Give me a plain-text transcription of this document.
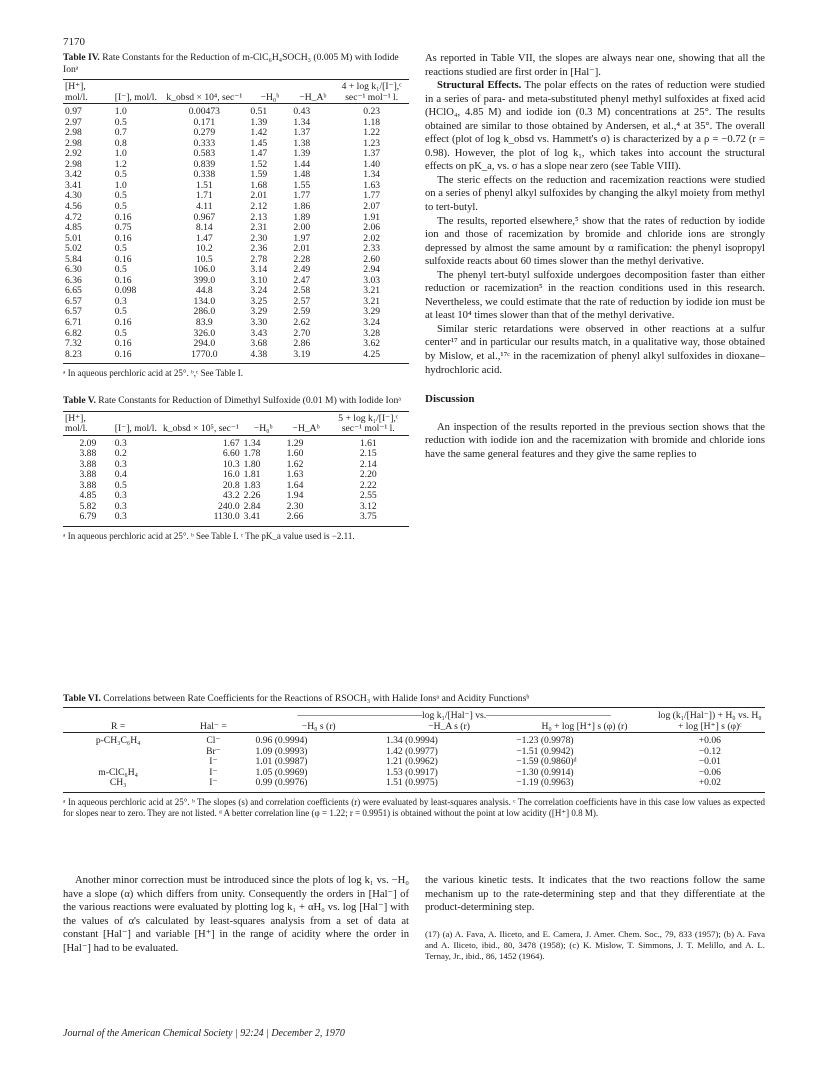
7170
Table IV. Rate Constants for the Reduction of m-ClC₆H₄SOCH₃ (0.005 M) with Iodide Ionᵃ
[H⁺], mol/l.	[I⁻], mol/l.	k_obsd × 10⁴, sec⁻¹	−H₀ᵇ	−H_Aᵇ	4 + log k₁/[I⁻],ᶜ sec⁻¹ mol⁻¹ l.
0.97	1.0	0.00473	0.51	0.43	0.23
2.97	0.5	0.171	1.39	1.34	1.18
2.98	0.7	0.279	1.42	1.37	1.22
2.98	0.8	0.333	1.45	1.38	1.23
2.92	1.0	0.583	1.47	1.39	1.37
2.98	1.2	0.839	1.52	1.44	1.40
3.42	0.5	0.338	1.59	1.48	1.34
3.41	1.0	1.51	1.68	1.55	1.63
4.30	0.5	1.71	2.01	1.77	1.77
4.56	0.5	4.11	2.12	1.86	2.07
4.72	0.16	0.967	2.13	1.89	1.91
4.85	0.75	8.14	2.31	2.00	2.06
5.01	0.16	1.47	2.30	1.97	2.02
5.02	0.5	10.2	2.36	2.01	2.33
5.84	0.16	10.5	2.78	2.28	2.60
6.30	0.5	106.0	3.14	2.49	2.94
6.36	0.16	399.0	3.10	2.47	3.03
6.65	0.098	44.8	3.24	2.58	3.21
6.57	0.3	134.0	3.25	2.57	3.21
6.57	0.5	286.0	3.29	2.59	3.29
6.71	0.16	83.9	3.30	2.62	3.24
6.82	0.5	326.0	3.43	2.70	3.28
7.32	0.16	294.0	3.68	2.86	3.62
8.23	0.16	1770.0	4.38	3.19	4.25
ᵃ In aqueous perchloric acid at 25°. ᵇ,ᶜ See Table I.
Table V. Rate Constants for Reduction of Dimethyl Sulfoxide (0.01 M) with Iodide Ionᵃ
[H⁺], mol/l.	[I⁻], mol/l.	k_obsd × 10⁵, sec⁻¹	−H₀ᵇ	−H_Aᵇ	5 + log k₁/[I⁻],ᶜ sec⁻¹ mol⁻¹ l.
2.09	0.3	1.67	1.34	1.29	1.61
3.88	0.2	6.60	1.78	1.60	2.15
3.88	0.3	10.3	1.80	1.62	2.14
3.88	0.4	16.0	1.81	1.63	2.20
3.88	0.5	20.8	1.83	1.64	2.22
4.85	0.3	43.2	2.26	1.94	2.55
5.82	0.3	240.0	2.84	2.30	3.12
6.79	0.3	1130.0	3.41	2.66	3.75
ᵃ In aqueous perchloric acid at 25°. ᵇ See Table I. ᶜ The pK_a value used is −2.11.

As reported in Table VII, the slopes are always near one, showing that all the reactions studied are first order in [Hal⁻].

Structural Effects. The polar effects on the rates of reduction were studied in a series of para- and meta-substituted phenyl methyl sulfoxides at fixed acid (HClO₄, 4.85 M) and iodide ion (0.3 M) concentrations at 25°. The results obtained are similar to those obtained by Andersen, et al.,⁴ at 35°. The overall effect (plot of log k_obsd vs. Hammett's σ) is characterized by a ρ = −0.72 (r = 0.98). However, the plot of log k₁, which takes into account the structural effects on pK_a, vs. σ has a slope near zero (see Table VIII).

The steric effects on the reduction and racemization reactions were studied on a series of phenyl alkyl sulfoxides by changing the alkyl moiety from methyl to tert-butyl.

The results, reported elsewhere,⁵ show that the rates of reduction by iodide ion and those of racemization by bromide and chloride ions are strongly depressed by almost the same amount by α ramification: the phenyl isopropyl sulfoxide reacts about 60 times slower than the methyl derivative.

The phenyl tert-butyl sulfoxide undergoes decomposition faster than either reduction or racemization⁵ in the reaction conditions used in this research. Nevertheless, we could estimate that the rate of reduction by iodide ion must be at least 10⁴ times slower than that of the methyl derivative.

Similar steric retardations were observed in other reactions at a sulfur center¹⁷ and in particular our results match, in a qualitative way, those obtained by Mislow, et al.,¹⁷ᶜ in the racemization of phenyl alkyl sulfoxides in dioxane–hydrochloric acid.

Discussion

An inspection of the results reported in the previous section shows that the reduction with iodide ion and the racemization with bromide and chloride ions have the same general features and they give the same replies to

Table VI. Correlations between Rate Coefficients for the Reactions of RSOCH₃ with Halide Ionsᵃ and Acidity Functionsᵇ
		—————————————log k₁/[Hal⁻] vs.—————————————			log (k₁/[Hal⁻]) + H₀ vs. H₀ + log [H⁺] s (φ)ᶜ
R =	Hal⁻ =	−H₀ s (r)	−H_A s (r)	H₀ + log [H⁺] s (φ) (r)	
p-CH₃C₆H₄	Cl⁻	0.96 (0.9994)	1.34 (0.9994)	−1.23 (0.9978)	+0.06
	Br⁻	1.09 (0.9993)	1.42 (0.9977)	−1.51 (0.9942)	−0.12
	I⁻	1.01 (0.9987)	1.21 (0.9962)	−1.59 (0.9860)ᵈ	−0.01
m-ClC₆H₄	I⁻	1.05 (0.9969)	1.53 (0.9917)	−1.30 (0.9914)	−0.06
CH₃	I⁻	0.99 (0.9976)	1.51 (0.9975)	−1.19 (0.9963)	+0.02
ᵃ In aqueous perchloric acid at 25°. ᵇ The slopes (s) and correlation coefficients (r) were evaluated by least-squares analysis. ᶜ The correlation coefficients have in this case low values as expected for slopes near to zero. They are not listed. ᵈ A better correlation line (φ = 1.22; r = 0.9951) is obtained without the point at low acidity ([H⁺] 0.8 M).

Another minor correction must be introduced since the plots of log k₁ vs. −H₀ have a slope (α) which differs from unity. Consequently the orders in [Hal⁻] of the various reactions were evaluated by plotting log k₁ + αH₀ vs. log [Hal⁻] with the values of α's calculated by least-squares analysis from a set of data at constant [Hal⁻] and variable [H⁺] in the range of acidity where the order in [Hal⁻] had to be evaluated.

the various kinetic tests. It indicates that the two reactions follow the same mechanism up to the rate-determining step and that they differentiate at the product-determining step.

(17) (a) A. Fava, A. Iliceto, and E. Camera, J. Amer. Chem. Soc., 79, 833 (1957); (b) A. Fava and A. Iliceto, ibid., 80, 3478 (1958); (c) K. Mislow, T. Simmons, J. T. Melillo, and A. L. Ternay, Jr., ibid., 86, 1452 (1964).

Journal of the American Chemical Society | 92:24 | December 2, 1970
